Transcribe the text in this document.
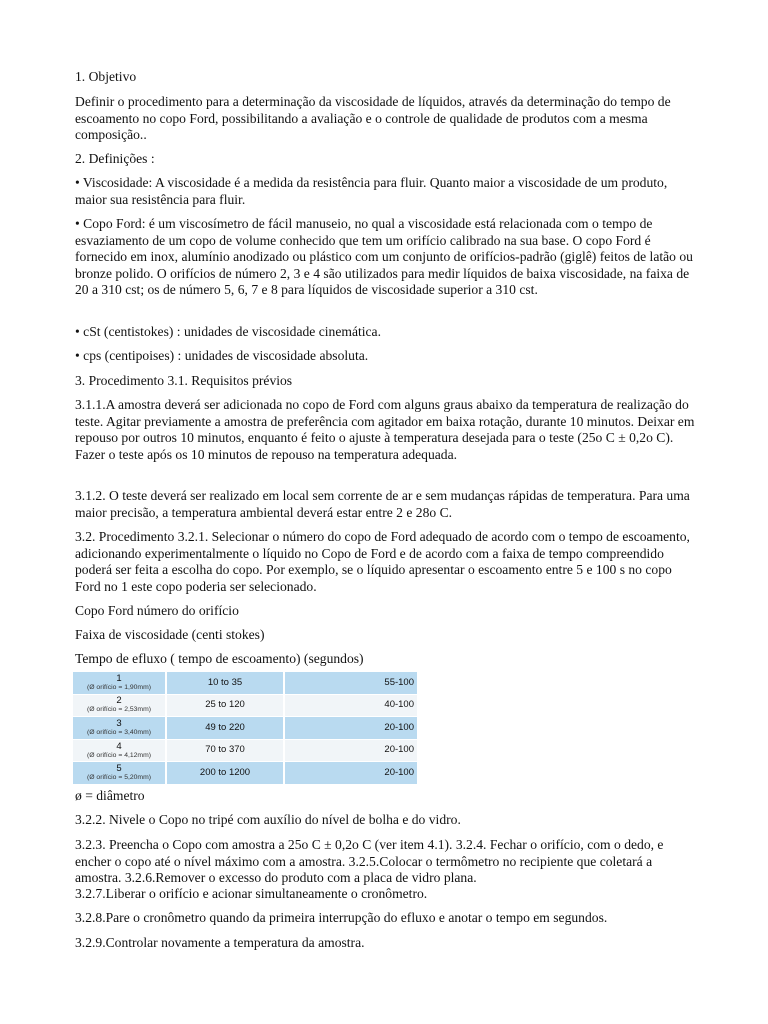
1. Objetivo

Definir o procedimento para a determinação da viscosidade de líquidos, através da determinação do tempo de escoamento no copo Ford, possibilitando a avaliação e o controle de qualidade de produtos com a mesma composição..

2. Definições :

• Viscosidade: A viscosidade é a medida da resistência para fluir. Quanto maior a viscosidade de um produto, maior sua resistência para fluir.

• Copo Ford: é um viscosímetro de fácil manuseio, no qual a viscosidade está relacionada com o tempo de esvaziamento de um copo de volume conhecido que tem um orifício calibrado na sua base. O copo Ford é fornecido em inox, alumínio anodizado ou plástico com um conjunto de orifícios-padrão (giglê) feitos de latão ou bronze polido. O orifícios de número 2, 3 e 4 são utilizados para medir líquidos de baixa viscosidade, na faixa de 20 a 310 cst; os de número 5, 6, 7 e 8 para líquidos de viscosidade superior a 310 cst.

• cSt (centistokes) : unidades de viscosidade cinemática.

• cps (centipoises) : unidades de viscosidade absoluta.

3. Procedimento 3.1. Requisitos prévios

3.1.1.A amostra deverá ser adicionada no copo de Ford com alguns graus abaixo da temperatura de realização do teste. Agitar previamente a amostra de preferência com agitador em baixa rotação, durante 10 minutos. Deixar em repouso por outros 10 minutos, enquanto é feito o ajuste à temperatura desejada para o teste (25o C ± 0,2o C). Fazer o teste após os 10 minutos de repouso na temperatura adequada.

3.1.2. O teste deverá ser realizado em local sem corrente de ar e sem mudanças rápidas de temperatura. Para uma maior precisão, a temperatura ambiental deverá estar entre 2 e 28o C.

3.2. Procedimento 3.2.1. Selecionar o número do copo de Ford adequado de acordo com o tempo de escoamento, adicionando experimentalmente o líquido no Copo de Ford e de acordo com a faixa de tempo compreendido poderá ser feita a escolha do copo. Por exemplo, se o líquido apresentar o escoamento entre 5 e 100 s no copo Ford no 1 este copo poderia ser selecionado.

Copo Ford número do orifício

Faixa de viscosidade (centi stokes)

Tempo de efluxo ( tempo de escoamento) (segundos)

1
(Ø orifício = 1,90mm)	10 to 35	55-100

2
(Ø orifício = 2,53mm)	25 to 120	40-100

3
(Ø orifício = 3,40mm)	49 to 220	20-100

4
(Ø orifício = 4,12mm)	70 to 370	20-100

5
(Ø orifício = 5,20mm)	200 to 1200	20-100

ø = diâmetro

3.2.2. Nivele o Copo no tripé com auxílio do nível de bolha e do vidro.

3.2.3. Preencha o Copo com amostra a 25o C ± 0,2o C (ver item 4.1). 3.2.4. Fechar o orifício, com o dedo, e encher o copo até o nível máximo com a amostra. 3.2.5.Colocar o termômetro no recipiente que coletará a amostra. 3.2.6.Remover o excesso do produto com a placa de vidro plana.

3.2.7.Liberar o orifício e acionar simultaneamente o cronômetro.

3.2.8.Pare o cronômetro quando da primeira interrupção do efluxo e anotar o tempo em segundos.

3.2.9.Controlar novamente a temperatura da amostra.
